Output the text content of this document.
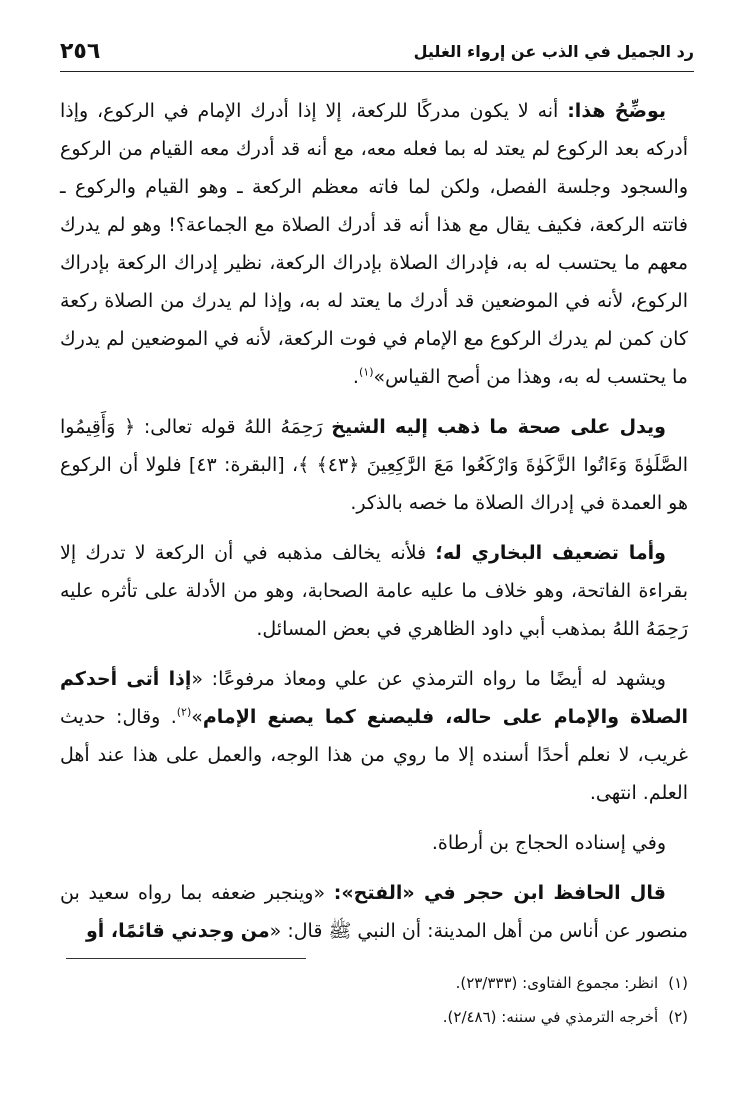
رد الجميل في الذب عن إرواء الغليل
٢٥٦

يوضِّحُ هذا: أنه لا يكون مدركًا للركعة، إلا إذا أدرك الإمام في الركوع، وإذا أدركه بعد الركوع لم يعتد له بما فعله معه، مع أنه قد أدرك معه القيام من الركوع والسجود وجلسة الفصل، ولكن لما فاته معظم الركعة ـ وهو القيام والركوع ـ فاتته الركعة، فكيف يقال مع هذا أنه قد أدرك الصلاة مع الجماعة؟! وهو لم يدرك معهم ما يحتسب له به، فإدراك الصلاة بإدراك الركعة، نظير إدراك الركعة بإدراك الركوع، لأنه في الموضعين قد أدرك ما يعتد له به، وإذا لم يدرك من الصلاة ركعة كان كمن لم يدرك الركوع مع الإمام في فوت الركعة، لأنه في الموضعين لم يدرك ما يحتسب له به، وهذا من أصح القياس»$^{(١)}$.

ويدل على صحة ما ذهب إليه الشيخ رَحِمَهُ اللهُ قوله تعالى: ﴿ وَأَقِيمُوا الصَّلَوٰةَ وَءَاتُوا الزَّكَوٰةَ وَارْكَعُوا مَعَ الرَّٰكِعِينَ ﴿٤٣﴾ ﴾، [البقرة: ٤٣] فلولا أن الركوع هو العمدة في إدراك الصلاة ما خصه بالذكر.

وأما تضعيف البخاري له؛ فلأنه يخالف مذهبه في أن الركعة لا تدرك إلا بقراءة الفاتحة، وهو خلاف ما عليه عامة الصحابة، وهو من الأدلة على تأثره عليه رَحِمَهُ اللهُ بمذهب أبي داود الظاهري في بعض المسائل.

ويشهد له أيضًا ما رواه الترمذي عن علي ومعاذ مرفوعًا: «إذا أتى أحدكم الصلاة والإمام على حاله، فليصنع كما يصنع الإمام»$^{(٢)}$. وقال: حديث غريب، لا نعلم أحدًا أسنده إلا ما روي من هذا الوجه، والعمل على هذا عند أهل العلم. انتهى.

وفي إسناده الحجاج بن أرطاة.

قال الحافظ ابن حجر في «الفتح»: «وينجبر ضعفه بما رواه سعيد بن منصور عن أناس من أهل المدينة: أن النبي ﷺ قال: «من وجدني قائمًا، أو

(١)انظر: مجموع الفتاوى: (٢٣/٣٣٣).

(٢)أخرجه الترمذي في سننه: (٢/٤٨٦).
